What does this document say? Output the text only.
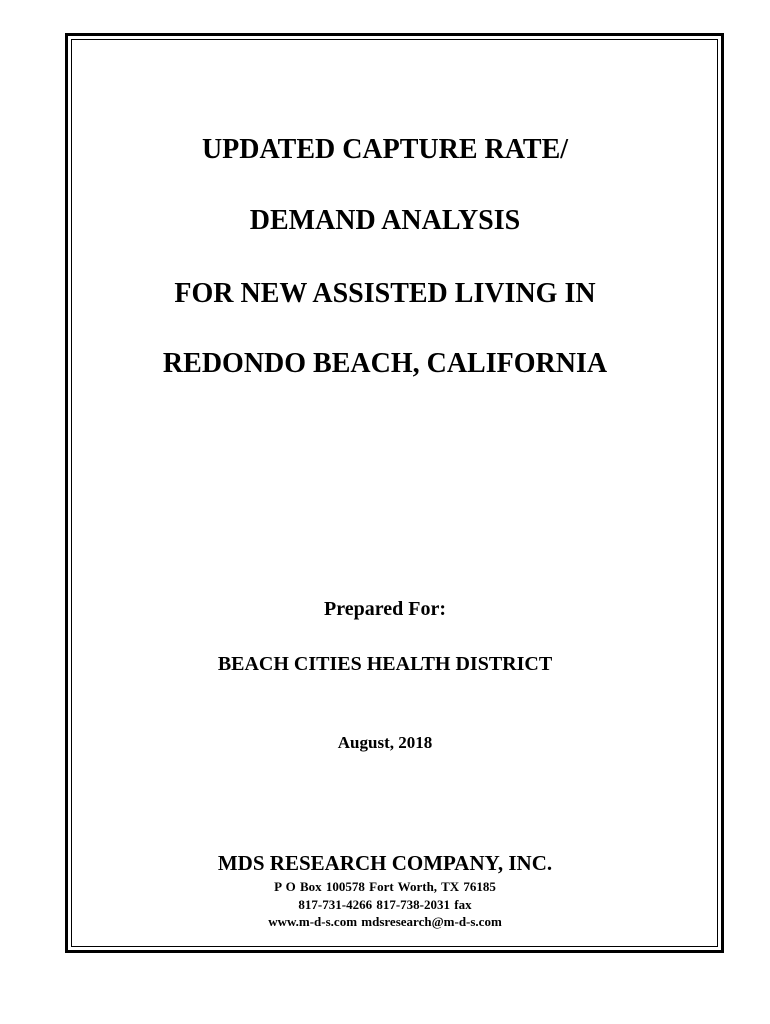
UPDATED CAPTURE RATE/
DEMAND ANALYSIS
FOR NEW ASSISTED LIVING IN
REDONDO BEACH, CALIFORNIA
Prepared For:
BEACH CITIES HEALTH DISTRICT
August, 2018
MDS RESEARCH COMPANY, INC.
P O Box 100578 Fort Worth, TX 76185
817-731-4266 817-738-2031 fax
www.m-d-s.com mdsresearch@m-d-s.com
